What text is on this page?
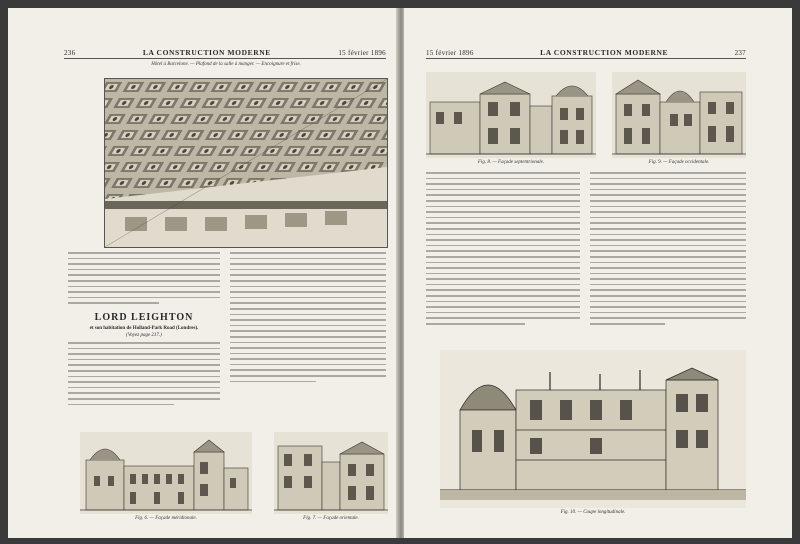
236	LA CONSTRUCTION MODERNE	15 février 1896
Hôtel à Barcelone. — Plafond de la salle à manger. — Encoignure et frise.
LORD LEIGHTON
et son habitation de Holland-Park Road (Londres).
(Voyez page 217.)
Fig. 6. — Façade méridionale.	Fig. 7. — Façade orientale.
15 février 1896	LA CONSTRUCTION MODERNE	237
Fig. 8. — Façade septentrionale.	Fig. 9. — Façade occidentale.
Fig. 10. — Coupe longitudinale.
